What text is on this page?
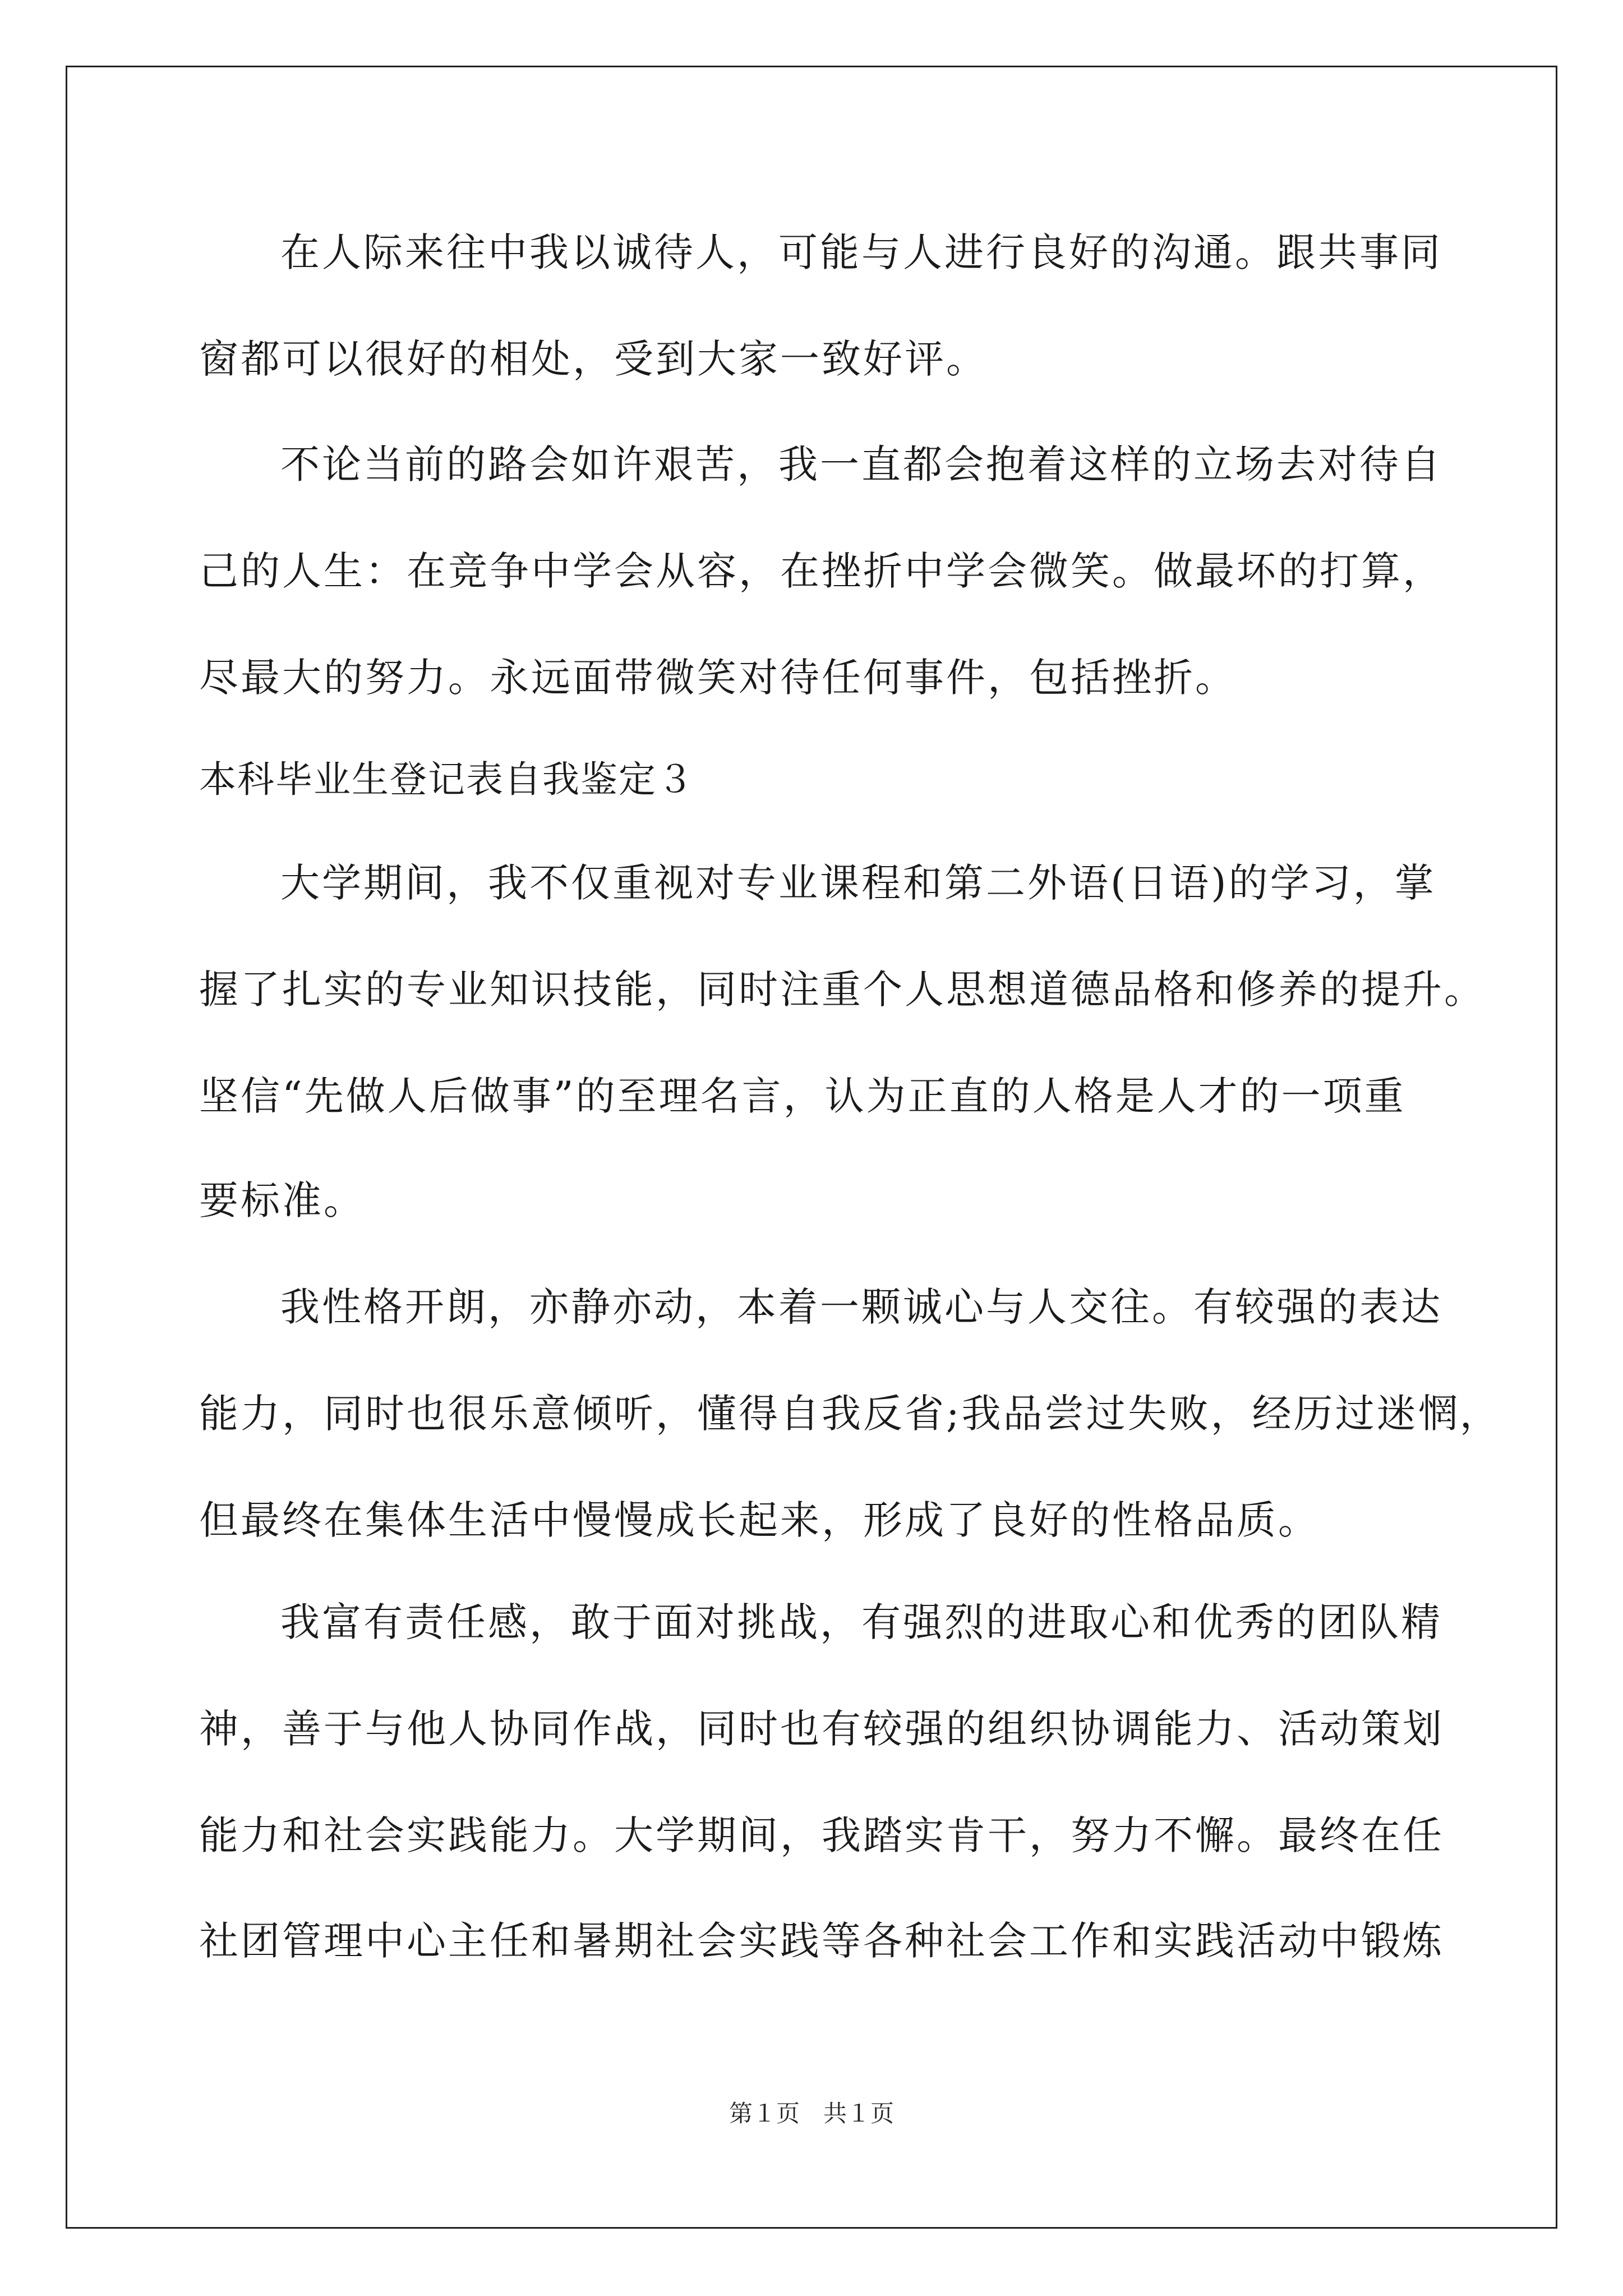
在人际来往中我以诚待人，可能与人进行良好的沟通。跟共事同
窗都可以很好的相处，受到大家一致好评。
不论当前的路会如许艰苦，我一直都会抱着这样的立场去对待自
己的人生：在竞争中学会从容，在挫折中学会微笑。做最坏的打算，
尽最大的努力。永远面带微笑对待任何事件，包括挫折。
本科毕业生登记表自我鉴定３
大学期间，我不仅重视对专业课程和第二外语(日语)的学习，掌
握了扎实的专业知识技能，同时注重个人思想道德品格和修养的提升。
坚信“先做人后做事”的至理名言，认为正直的人格是人才的一项重
要标准。
我性格开朗，亦静亦动，本着一颗诚心与人交往。有较强的表达
能力，同时也很乐意倾听，懂得自我反省;我品尝过失败，经历过迷惘，
但最终在集体生活中慢慢成长起来，形成了良好的性格品质。
我富有责任感，敢于面对挑战，有强烈的进取心和优秀的团队精
神，善于与他人协同作战，同时也有较强的组织协调能力、活动策划
能力和社会实践能力。大学期间，我踏实肯干，努力不懈。最终在任
社团管理中心主任和暑期社会实践等各种社会工作和实践活动中锻炼
第１页　共１页
